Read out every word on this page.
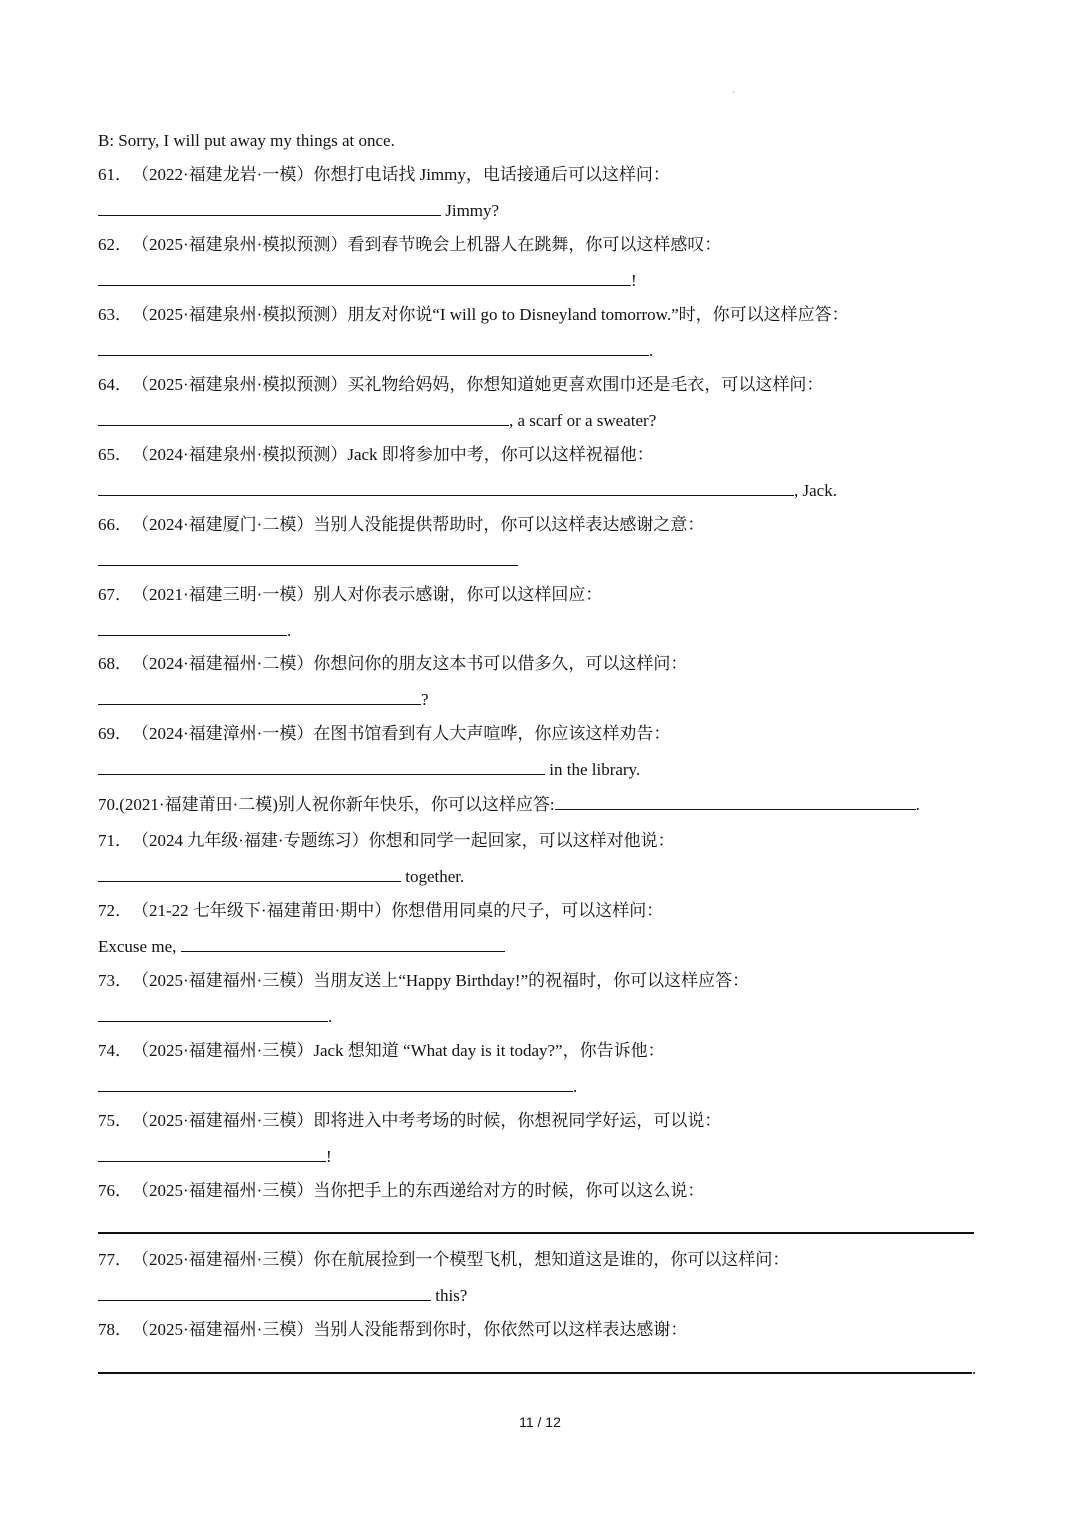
'
B: Sorry, I will put away my things at once.
61．（2022·福建龙岩·一模）你想打电话找 Jimmy，电话接通后可以这样问：
Jimmy?
62．（2025·福建泉州·模拟预测）看到春节晚会上机器人在跳舞，你可以这样感叹：
!
63．（2025·福建泉州·模拟预测）朋友对你说“I will go to Disneyland tomorrow.”时，你可以这样应答：
.
64．（2025·福建泉州·模拟预测）买礼物给妈妈，你想知道她更喜欢围巾还是毛衣，可以这样问：
, a scarf or a sweater?
65．（2024·福建泉州·模拟预测）Jack 即将参加中考，你可以这样祝福他：
, Jack.
66．（2024·福建厦门·二模）当别人没能提供帮助时，你可以这样表达感谢之意：
67．（2021·福建三明·一模）别人对你表示感谢，你可以这样回应：
.
68．（2024·福建福州·二模）你想问你的朋友这本书可以借多久，可以这样问：
?
69．（2024·福建漳州·一模）在图书馆看到有人大声喧哗，你应该这样劝告：
in the library.
70.(2021·福建莆田·二模)别人祝你新年快乐，你可以这样应答:	.
71．（2024 九年级·福建·专题练习）你想和同学一起回家，可以这样对他说：
together.
72．（21-22 七年级下·福建莆田·期中）你想借用同桌的尺子，可以这样问：
Excuse me,
73．（2025·福建福州·三模）当朋友送上“Happy Birthday!”的祝福时，你可以这样应答：
.
74．（2025·福建福州·三模）Jack 想知道 “What day is it today?”，你告诉他：
.
75．（2025·福建福州·三模）即将进入中考考场的时候，你想祝同学好运，可以说：
!
76．（2025·福建福州·三模）当你把手上的东西递给对方的时候，你可以这么说：
77．（2025·福建福州·三模）你在航展捡到一个模型飞机，想知道这是谁的，你可以这样问：
this?
78．（2025·福建福州·三模）当别人没能帮到你时，你依然可以这样表达感谢：
.
11 / 12
